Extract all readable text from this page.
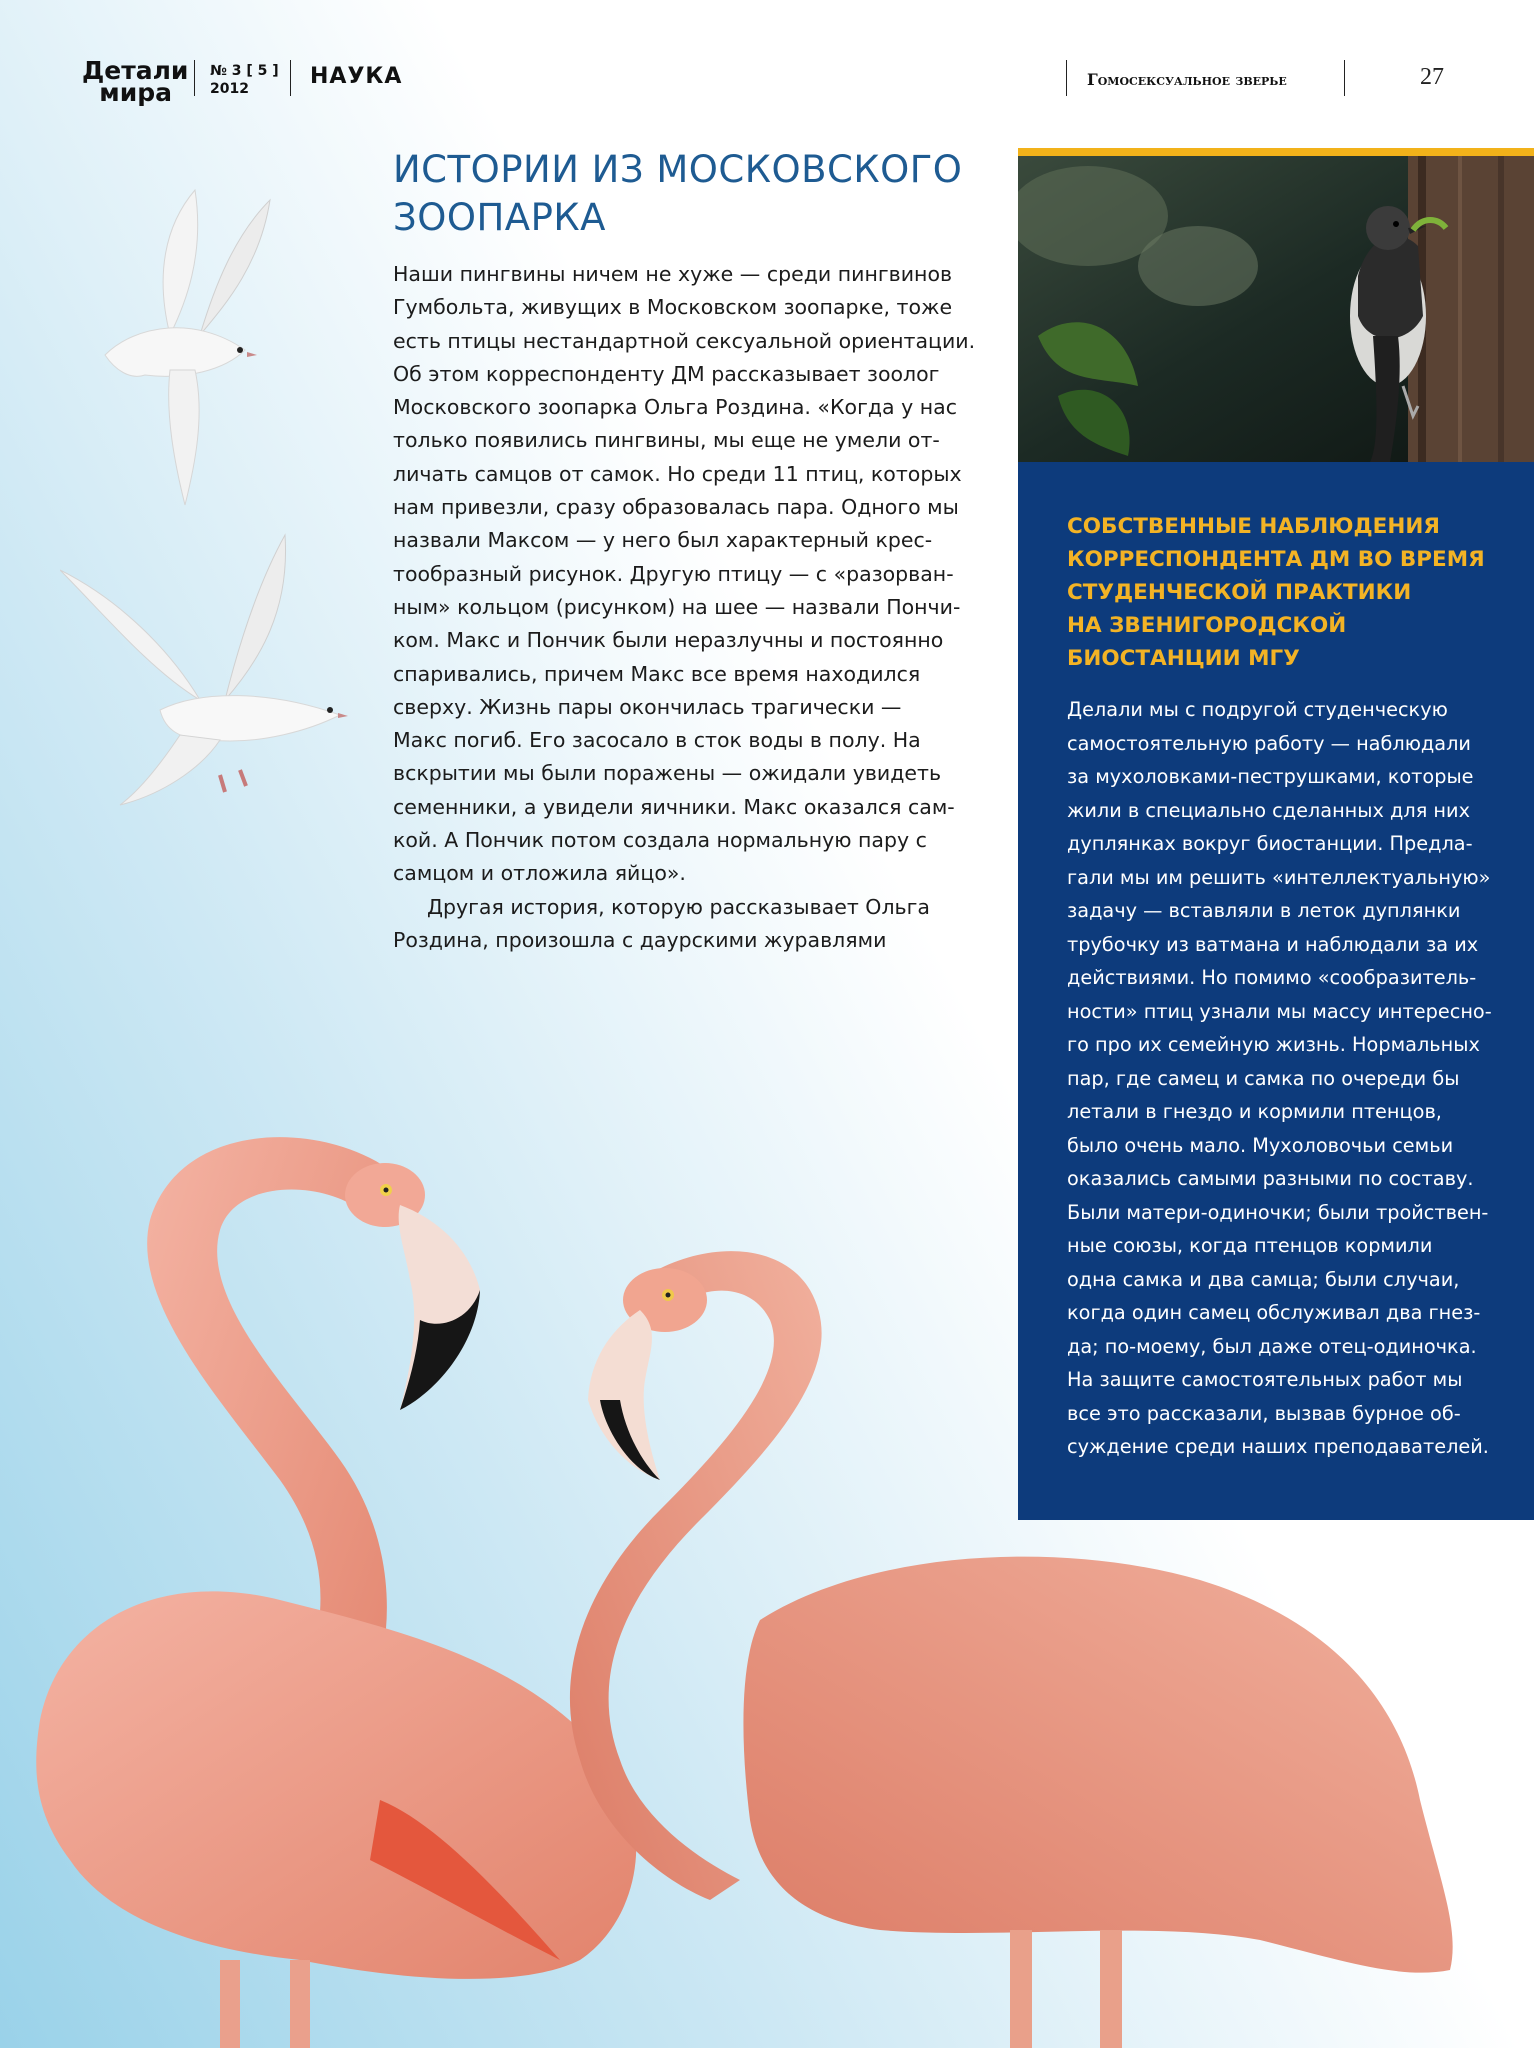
Детали
мира
№ 3 [ 5 ]
2012	НАУКА	Гомосексуальное зверье	27
ИСТОРИИ ИЗ МОСКОВСКОГО
ЗООПАРКА
Наши пингвины ничем не хуже — среди пингвинов
Гумбольта, живущих в Московском зоопарке, тоже
есть птицы нестандартной сексуальной ориентации.
Об этом корреспонденту ДМ рассказывает зоолог
Московского зоопарка Ольга Роздина. «Когда у нас
только появились пингвины, мы еще не умели от-
личать самцов от самок. Но среди 11 птиц, которых
нам привезли, сразу образовалась пара. Одного мы
назвали Максом — у него был характерный крес-
тообразный рисунок. Другую птицу — с «разорван-
ным» кольцом (рисунком) на шее — назвали Пончи-
ком. Макс и Пончик были неразлучны и постоянно
спаривались, причем Макс все время находился
сверху. Жизнь пары окончилась трагически —
Макс погиб. Его засосало в сток воды в полу. На
вскрытии мы были поражены — ожидали увидеть
семенники, а увидели яичники. Макс оказался сам-
кой. А Пончик потом создала нормальную пару с
самцом и отложила яйцо».
Другая история, которую рассказывает Ольга
Роздина, произошла с даурскими журавлями
СОБСТВЕННЫЕ НАБЛЮДЕНИЯ
КОРРЕСПОНДЕНТА ДМ ВО ВРЕМЯ
СТУДЕНЧЕСКОЙ ПРАКТИКИ
НА ЗВЕНИГОРОДСКОЙ
БИОСТАНЦИИ МГУ
Делали мы с подругой студенческую
самостоятельную работу — наблюдали
за мухоловками-пеструшками, которые
жили в специально сделанных для них
дуплянках вокруг биостанции. Предла-
гали мы им решить «интеллектуальную»
задачу — вставляли в леток дуплянки
трубочку из ватмана и наблюдали за их
действиями. Но помимо «сообразитель-
ности» птиц узнали мы массу интересно-
го про их семейную жизнь. Нормальных
пар, где самец и самка по очереди бы
летали в гнездо и кормили птенцов,
было очень мало. Мухоловочьи семьи
оказались самыми разными по составу.
Были матери-одиночки; были тройствен-
ные союзы, когда птенцов кормили
одна самка и два самца; были случаи,
когда один самец обслуживал два гнез-
да; по-моему, был даже отец-одиночка.
На защите самостоятельных работ мы
все это рассказали, вызвав бурное об-
суждение среди наших преподавателей.
